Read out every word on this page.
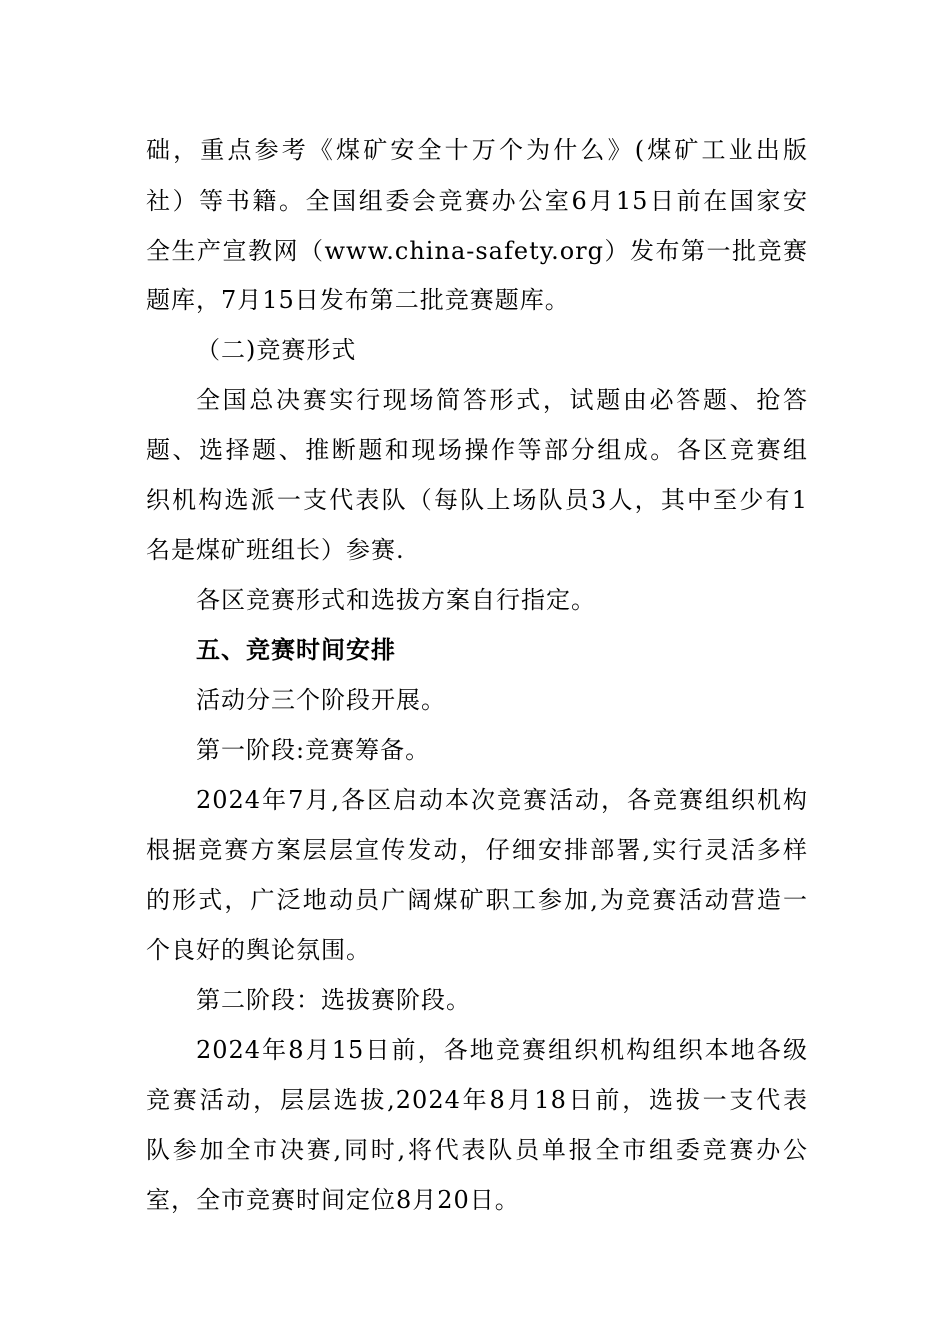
础，重点参考《煤矿安全十万个为什么》(煤矿工业出版
社）等书籍。全国组委会竞赛办公室6月15日前在国家安
全生产宣教网（www.china-safety.org）发布第一批竞赛
题库，7月15日发布第二批竞赛题库。
（二)竞赛形式
全国总决赛实行现场简答形式，试题由必答题、抢答
题、选择题、推断题和现场操作等部分组成。各区竞赛组
织机构选派一支代表队（每队上场队员3人，其中至少有1
名是煤矿班组长）参赛.
各区竞赛形式和选拔方案自行指定。
五、竞赛时间安排
活动分三个阶段开展。
第一阶段:竞赛筹备。
2024年7月,各区启动本次竞赛活动，各竞赛组织机构
根据竞赛方案层层宣传发动，仔细安排部署,实行灵活多样
的形式，广泛地动员广阔煤矿职工参加,为竞赛活动营造一
个良好的舆论氛围。
第二阶段：选拔赛阶段。
2024年8月15日前，各地竞赛组织机构组织本地各级
竞赛活动，层层选拔,2024年8月18日前，选拔一支代表
队参加全市决赛,同时,将代表队员单报全市组委竞赛办公
室，全市竞赛时间定位8月20日。
